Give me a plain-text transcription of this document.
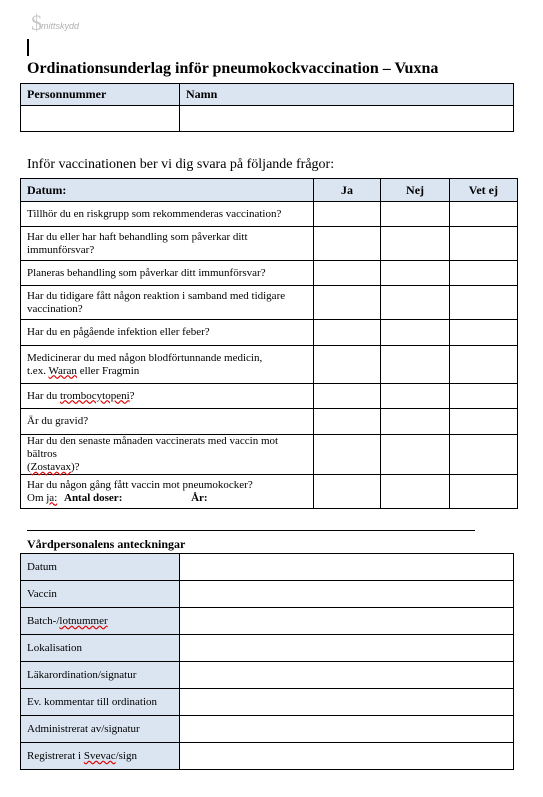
$ mittskydd
Ordinationsunderlag inför pneumokockvaccination – Vuxna
Personnummer	Namn

Inför vaccinationen ber vi dig svara på följande frågor:
Datum:	Ja	Nej	Vet ej
Tillhör du en riskgrupp som rekommenderas vaccination?			
Har du eller har haft behandling som påverkar ditt immunförsvar?			
Planeras behandling som påverkar ditt immunförsvar?			
Har du tidigare fått någon reaktion i samband med tidigare vaccination?			
Har du en pågående infektion eller feber?			
Medicinerar du med någon blodförtunnande medicin,
t.ex. Waran eller Fragmin			
Har du trombocytopeni?			
Är du gravid?			
Har du den senaste månaden vaccinerats med vaccin mot bältros
(Zostavax)?			
Har du någon gång fått vaccin mot pneumokocker?
Om ja: Antal doser: År:			
Vårdpersonalens anteckningar
Datum	
Vaccin	
Batch-/lotnummer	
Lokalisation	
Läkarordination/signatur	
Ev. kommentar till ordination	
Administrerat av/signatur	
Registrerat i Svevac/sign	
